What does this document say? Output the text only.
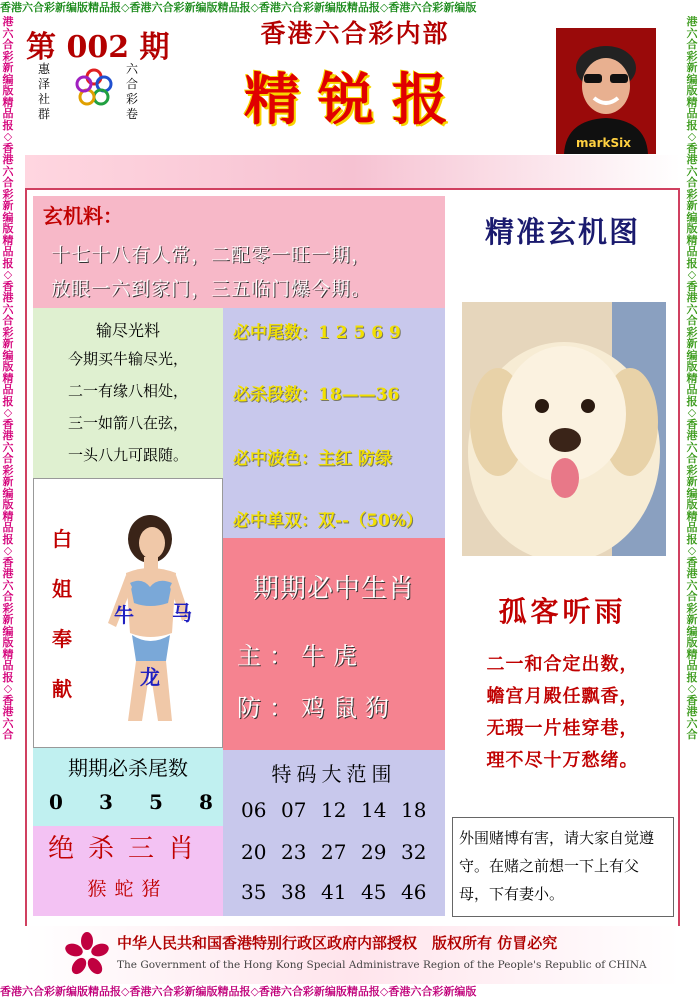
香港六合彩新编版精品报◇香港六合彩新编版精品报◇香港六合彩新编版精品报◇香港六合彩新编版
香港六合彩新编版精品报◇香港六合彩新编版精品报◇香港六合彩新编版精品报◇香港六合彩新编版
港六合彩新编版精品报◇香港六合彩新编版精品报◇香港六合彩新编版精品报◇香港六合彩新编版精品报◇香港六合彩新编版精品报◇香港六合
港六合彩新编版精品报◇香港六合彩新编版精品报◇香港六合彩新编版精品报◇香港六合彩新编版精品报◇香港六合彩新编版精品报◇香港六合
第 002 期
惠泽社群
六合彩卷
香港六合彩内部
精锐报
markSix
玄机料：
十七十八有人常，二配零一旺一期，
放眼一六到家门，三五临门爆今期。
输尽光料
今期买牛输尽光，
二一有缘八相处，
三一如箭八在弦，
一头八九可跟随。
必中尾数：1 2 5 6 9
必杀段数：18——36
必中波色：主红 防绿
必中单双：双--（50%）
白
姐
奉
献
牛 马
龙
期期必中生肖
主：牛虎
防：鸡鼠狗
期期必杀尾数
0 3 5 8
绝杀三肖
猴蛇猪
特码大范围
06 07 12 14 18
20 23 27 29 32
35 38 41 45 46
精准玄机图
孤客听雨
二一和合定出数，
蟾宫月殿任飘香，
无瑕一片桂穿巷，
理不尽十万愁绪。
外围赌博有害，请大家自觉遵守。在赌之前想一下上有父母，下有妻小。
中华人民共和国香港特别行政区政府内部授权　版权所有 仿冒必究
The Government of the Hong Kong Special Administrave Region of the People's Republic of CHINA
